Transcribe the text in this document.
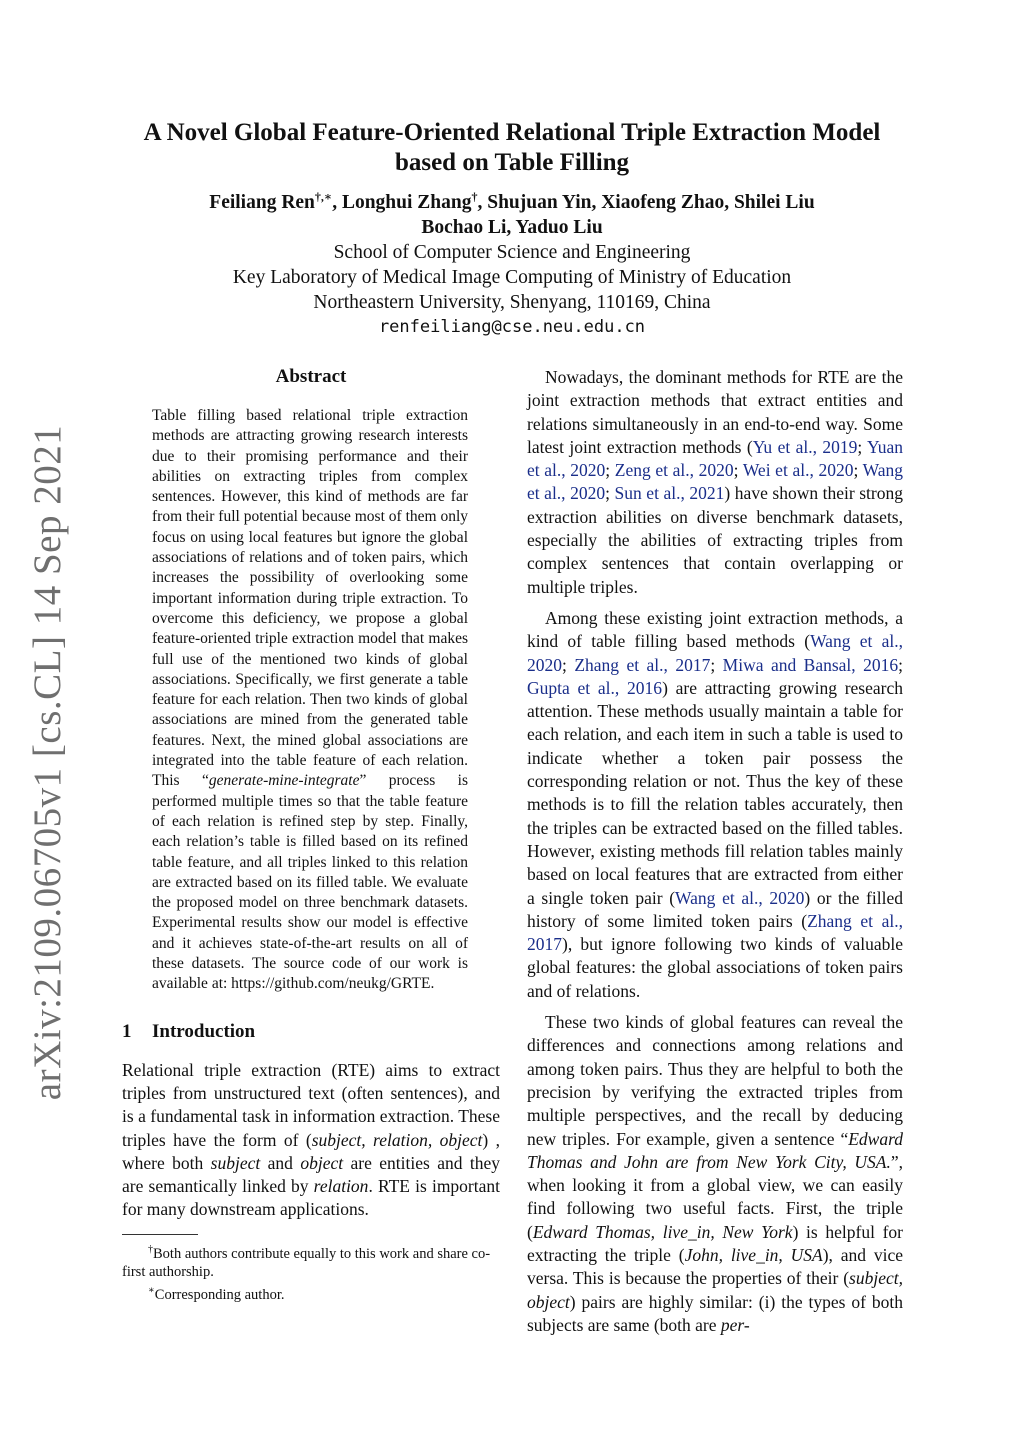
arXiv:2109.06705v1 [cs.CL] 14 Sep 2021
A Novel Global Feature-Oriented Relational Triple Extraction Model
based on Table Filling
Feiliang Ren†,∗, Longhui Zhang†, Shujuan Yin, Xiaofeng Zhao, Shilei Liu
Bochao Li, Yaduo Liu
School of Computer Science and Engineering
Key Laboratory of Medical Image Computing of Ministry of Education
Northeastern University, Shenyang, 110169, China
renfeiliang@cse.neu.edu.cn
Abstract

Table filling based relational triple extraction methods are attracting growing research interests due to their promising performance and their abilities on extracting triples from complex sentences. However, this kind of methods are far from their full potential because most of them only focus on using local features but ignore the global associations of relations and of token pairs, which increases the possibility of overlooking some important information during triple extraction. To overcome this deficiency, we propose a global feature-oriented triple extraction model that makes full use of the mentioned two kinds of global associations. Specifically, we first generate a table feature for each relation. Then two kinds of global associations are mined from the generated table features. Next, the mined global associations are integrated into the table feature of each relation. This “generate-mine-integrate” process is performed multiple times so that the table feature of each relation is refined step by step. Finally, each relation’s table is filled based on its refined table feature, and all triples linked to this relation are extracted based on its filled table. We evaluate the proposed model on three benchmark datasets. Experimental results show our model is effective and it achieves state-of-the-art results on all of these datasets. The source code of our work is available at: https://github.com/neukg/GRTE.

1 Introduction

Relational triple extraction (RTE) aims to extract triples from unstructured text (often sentences), and is a fundamental task in information extraction. These triples have the form of (subject, relation, object) , where both subject and object are entities and they are semantically linked by relation. RTE is important for many downstream applications.

†Both authors contribute equally to this work and share co-first authorship.

∗Corresponding author.

Nowadays, the dominant methods for RTE are the joint extraction methods that extract entities and relations simultaneously in an end-to-end way. Some latest joint extraction methods (Yu et al., 2019; Yuan et al., 2020; Zeng et al., 2020; Wei et al., 2020; Wang et al., 2020; Sun et al., 2021) have shown their strong extraction abilities on diverse benchmark datasets, especially the abilities of extracting triples from complex sentences that contain overlapping or multiple triples.

Among these existing joint extraction methods, a kind of table filling based methods (Wang et al., 2020; Zhang et al., 2017; Miwa and Bansal, 2016; Gupta et al., 2016) are attracting growing research attention. These methods usually maintain a table for each relation, and each item in such a table is used to indicate whether a token pair possess the corresponding relation or not. Thus the key of these methods is to fill the relation tables accurately, then the triples can be extracted based on the filled tables. However, existing methods fill relation tables mainly based on local features that are extracted from either a single token pair (Wang et al., 2020) or the filled history of some limited token pairs (Zhang et al., 2017), but ignore following two kinds of valuable global features: the global associations of token pairs and of relations.

These two kinds of global features can reveal the differences and connections among relations and among token pairs. Thus they are helpful to both the precision by verifying the extracted triples from multiple perspectives, and the recall by deducing new triples. For example, given a sentence “Edward Thomas and John are from New York City, USA.”, when looking it from a global view, we can easily find following two useful facts. First, the triple (Edward Thomas, live_in, New York) is helpful for extracting the triple (John, live_in, USA), and vice versa. This is because the properties of their (subject, object) pairs are highly similar: (i) the types of both subjects are same (both are per-
